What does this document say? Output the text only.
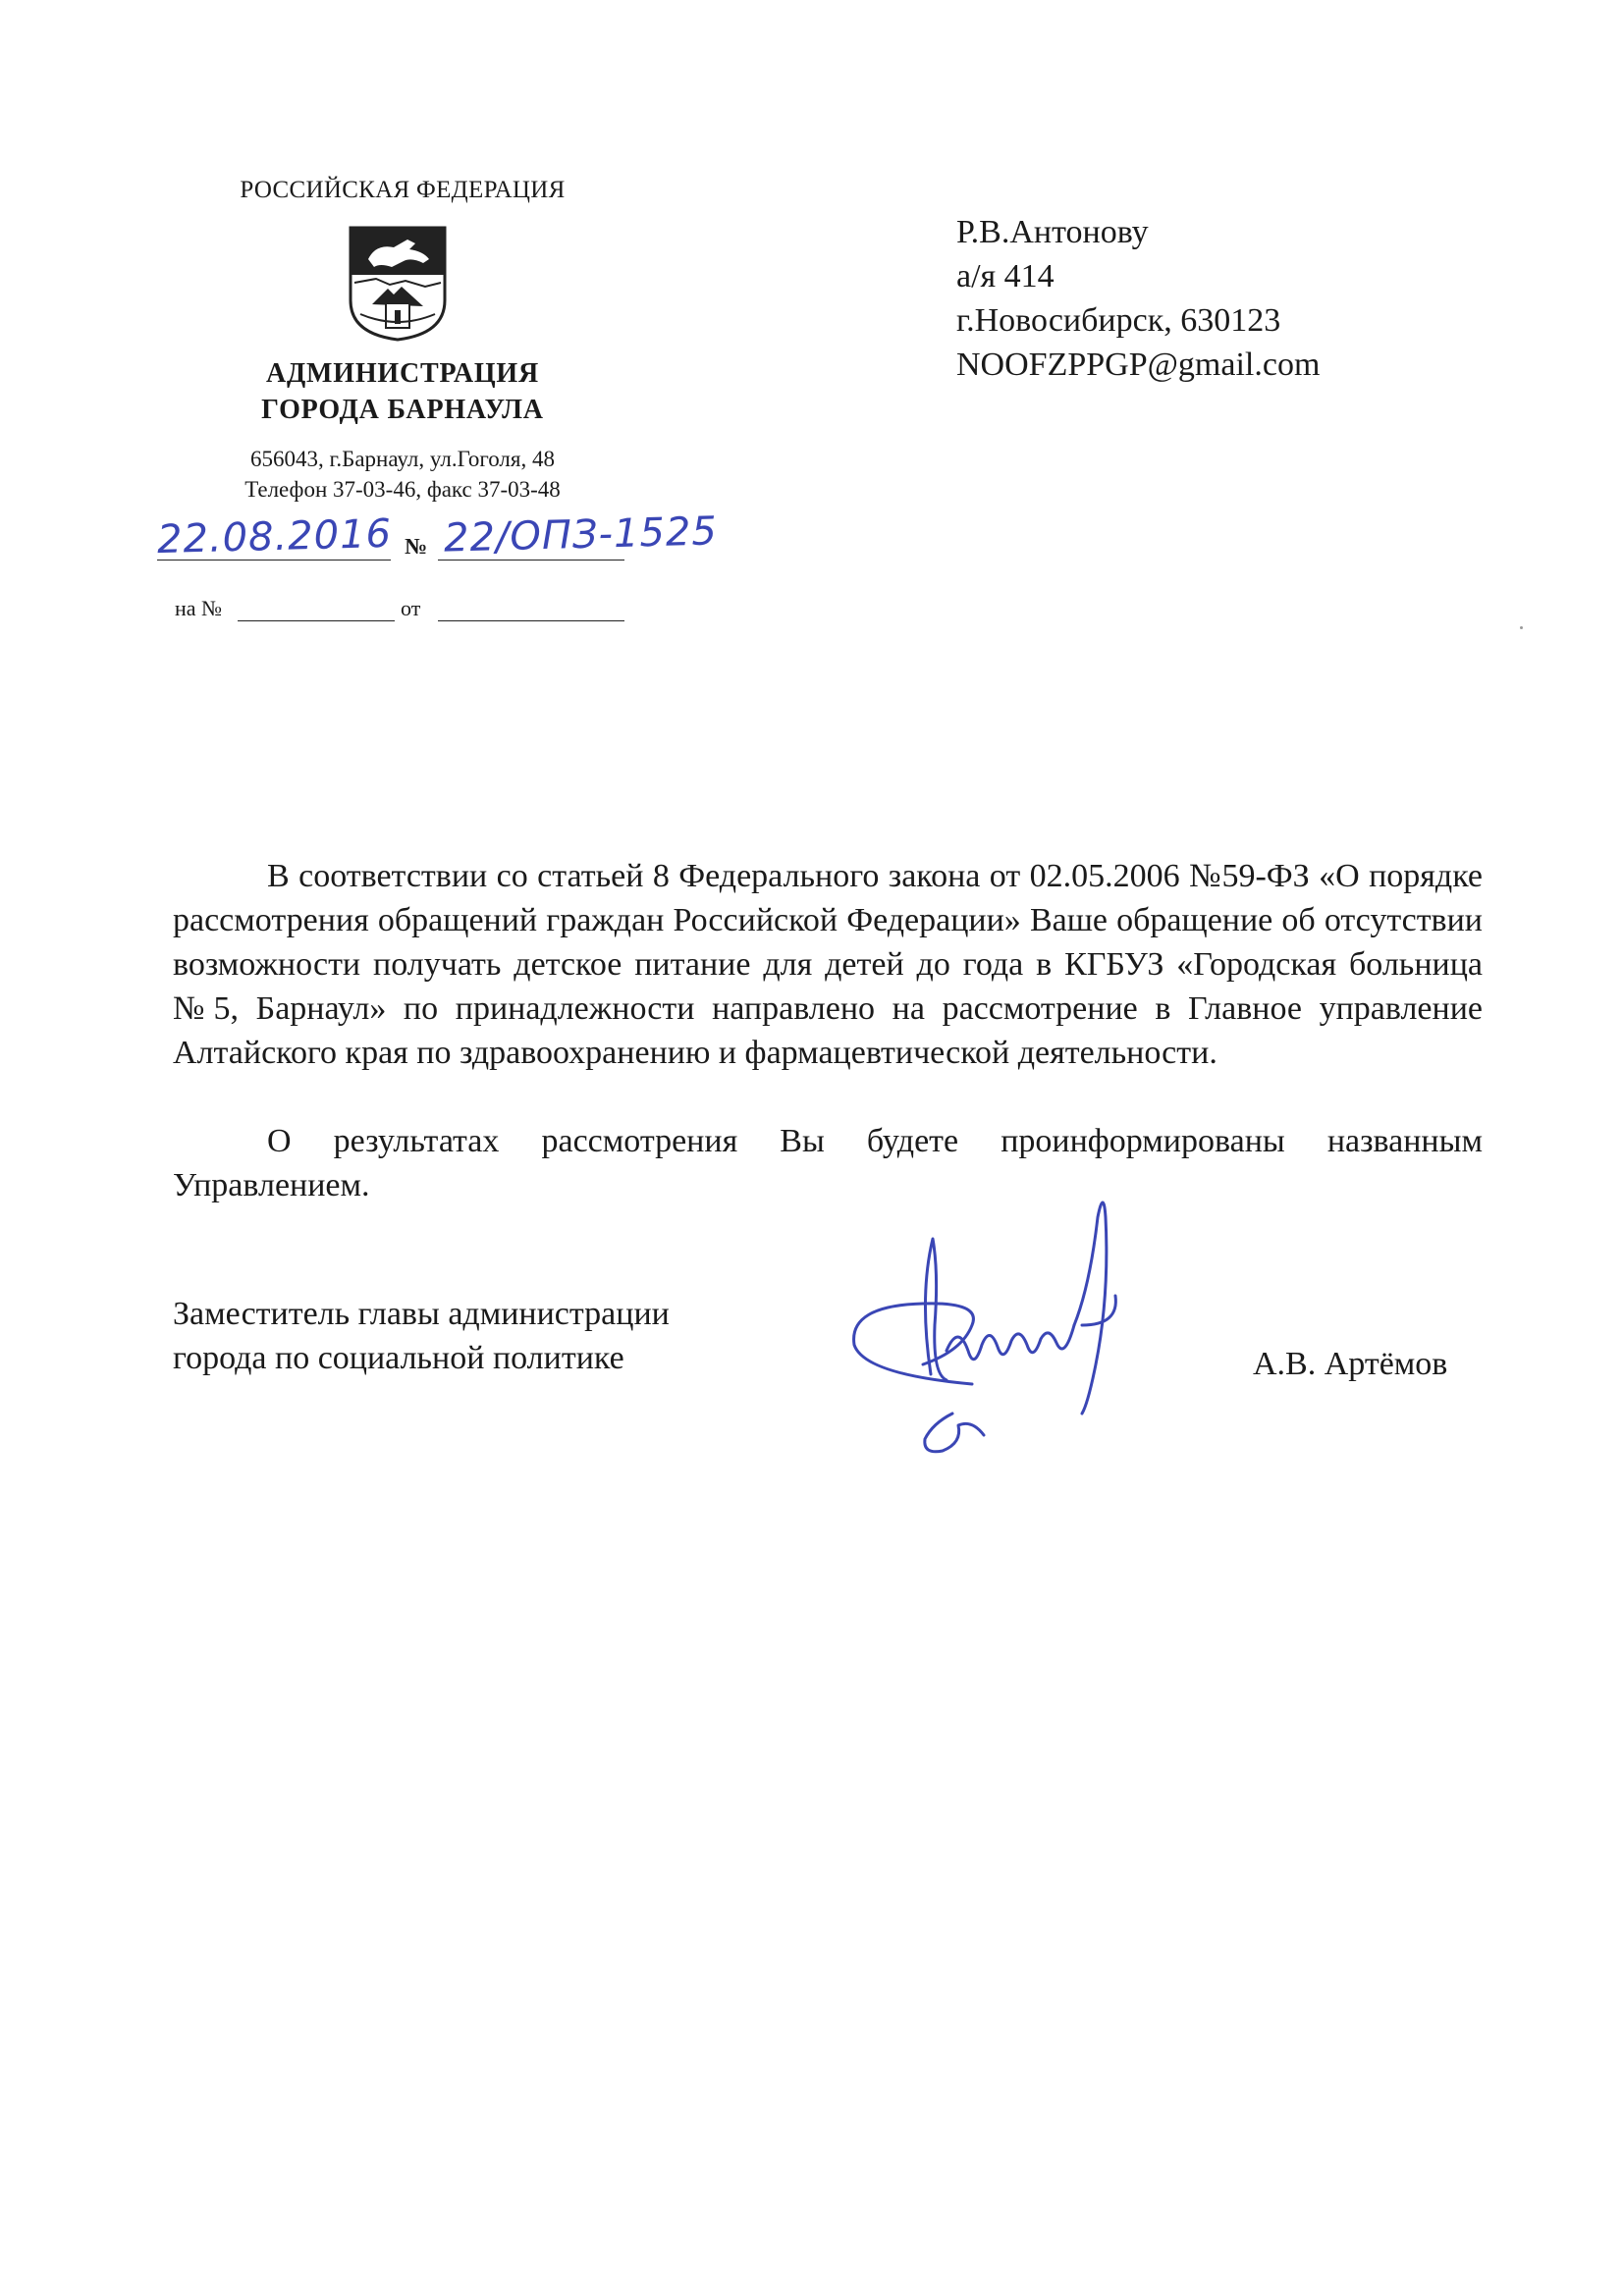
РОССИЙСКАЯ ФЕДЕРАЦИЯ
АДМИНИСТРАЦИЯ
ГОРОДА БАРНАУЛА
656043, г.Барнаул, ул.Гоголя, 48
Телефон 37-03-46, факс 37-03-48
22.08.2016 № 22/ОПЗ-1525
на №	от
Р.В.Антонову
а/я 414
г.Новосибирск, 630123
NOOFZPPGP@gmail.com
В соответствии со статьей 8 Федерального закона от 02.05.2006 №59-ФЗ «О порядке рассмотрения обращений граждан Российской Федерации» Ваше обращение об отсутствии возможности получать детское питание для детей до года в КГБУЗ «Городская больница №5, Барнаул» по принадлежности направлено на рассмотрение в Главное управление Алтайского края по здравоохранению и фармацевтической деятельности.
О результатах рассмотрения Вы будете проинформированы названным Управлением.
Заместитель главы администрации
города по социальной политике	А.В. Артёмов
